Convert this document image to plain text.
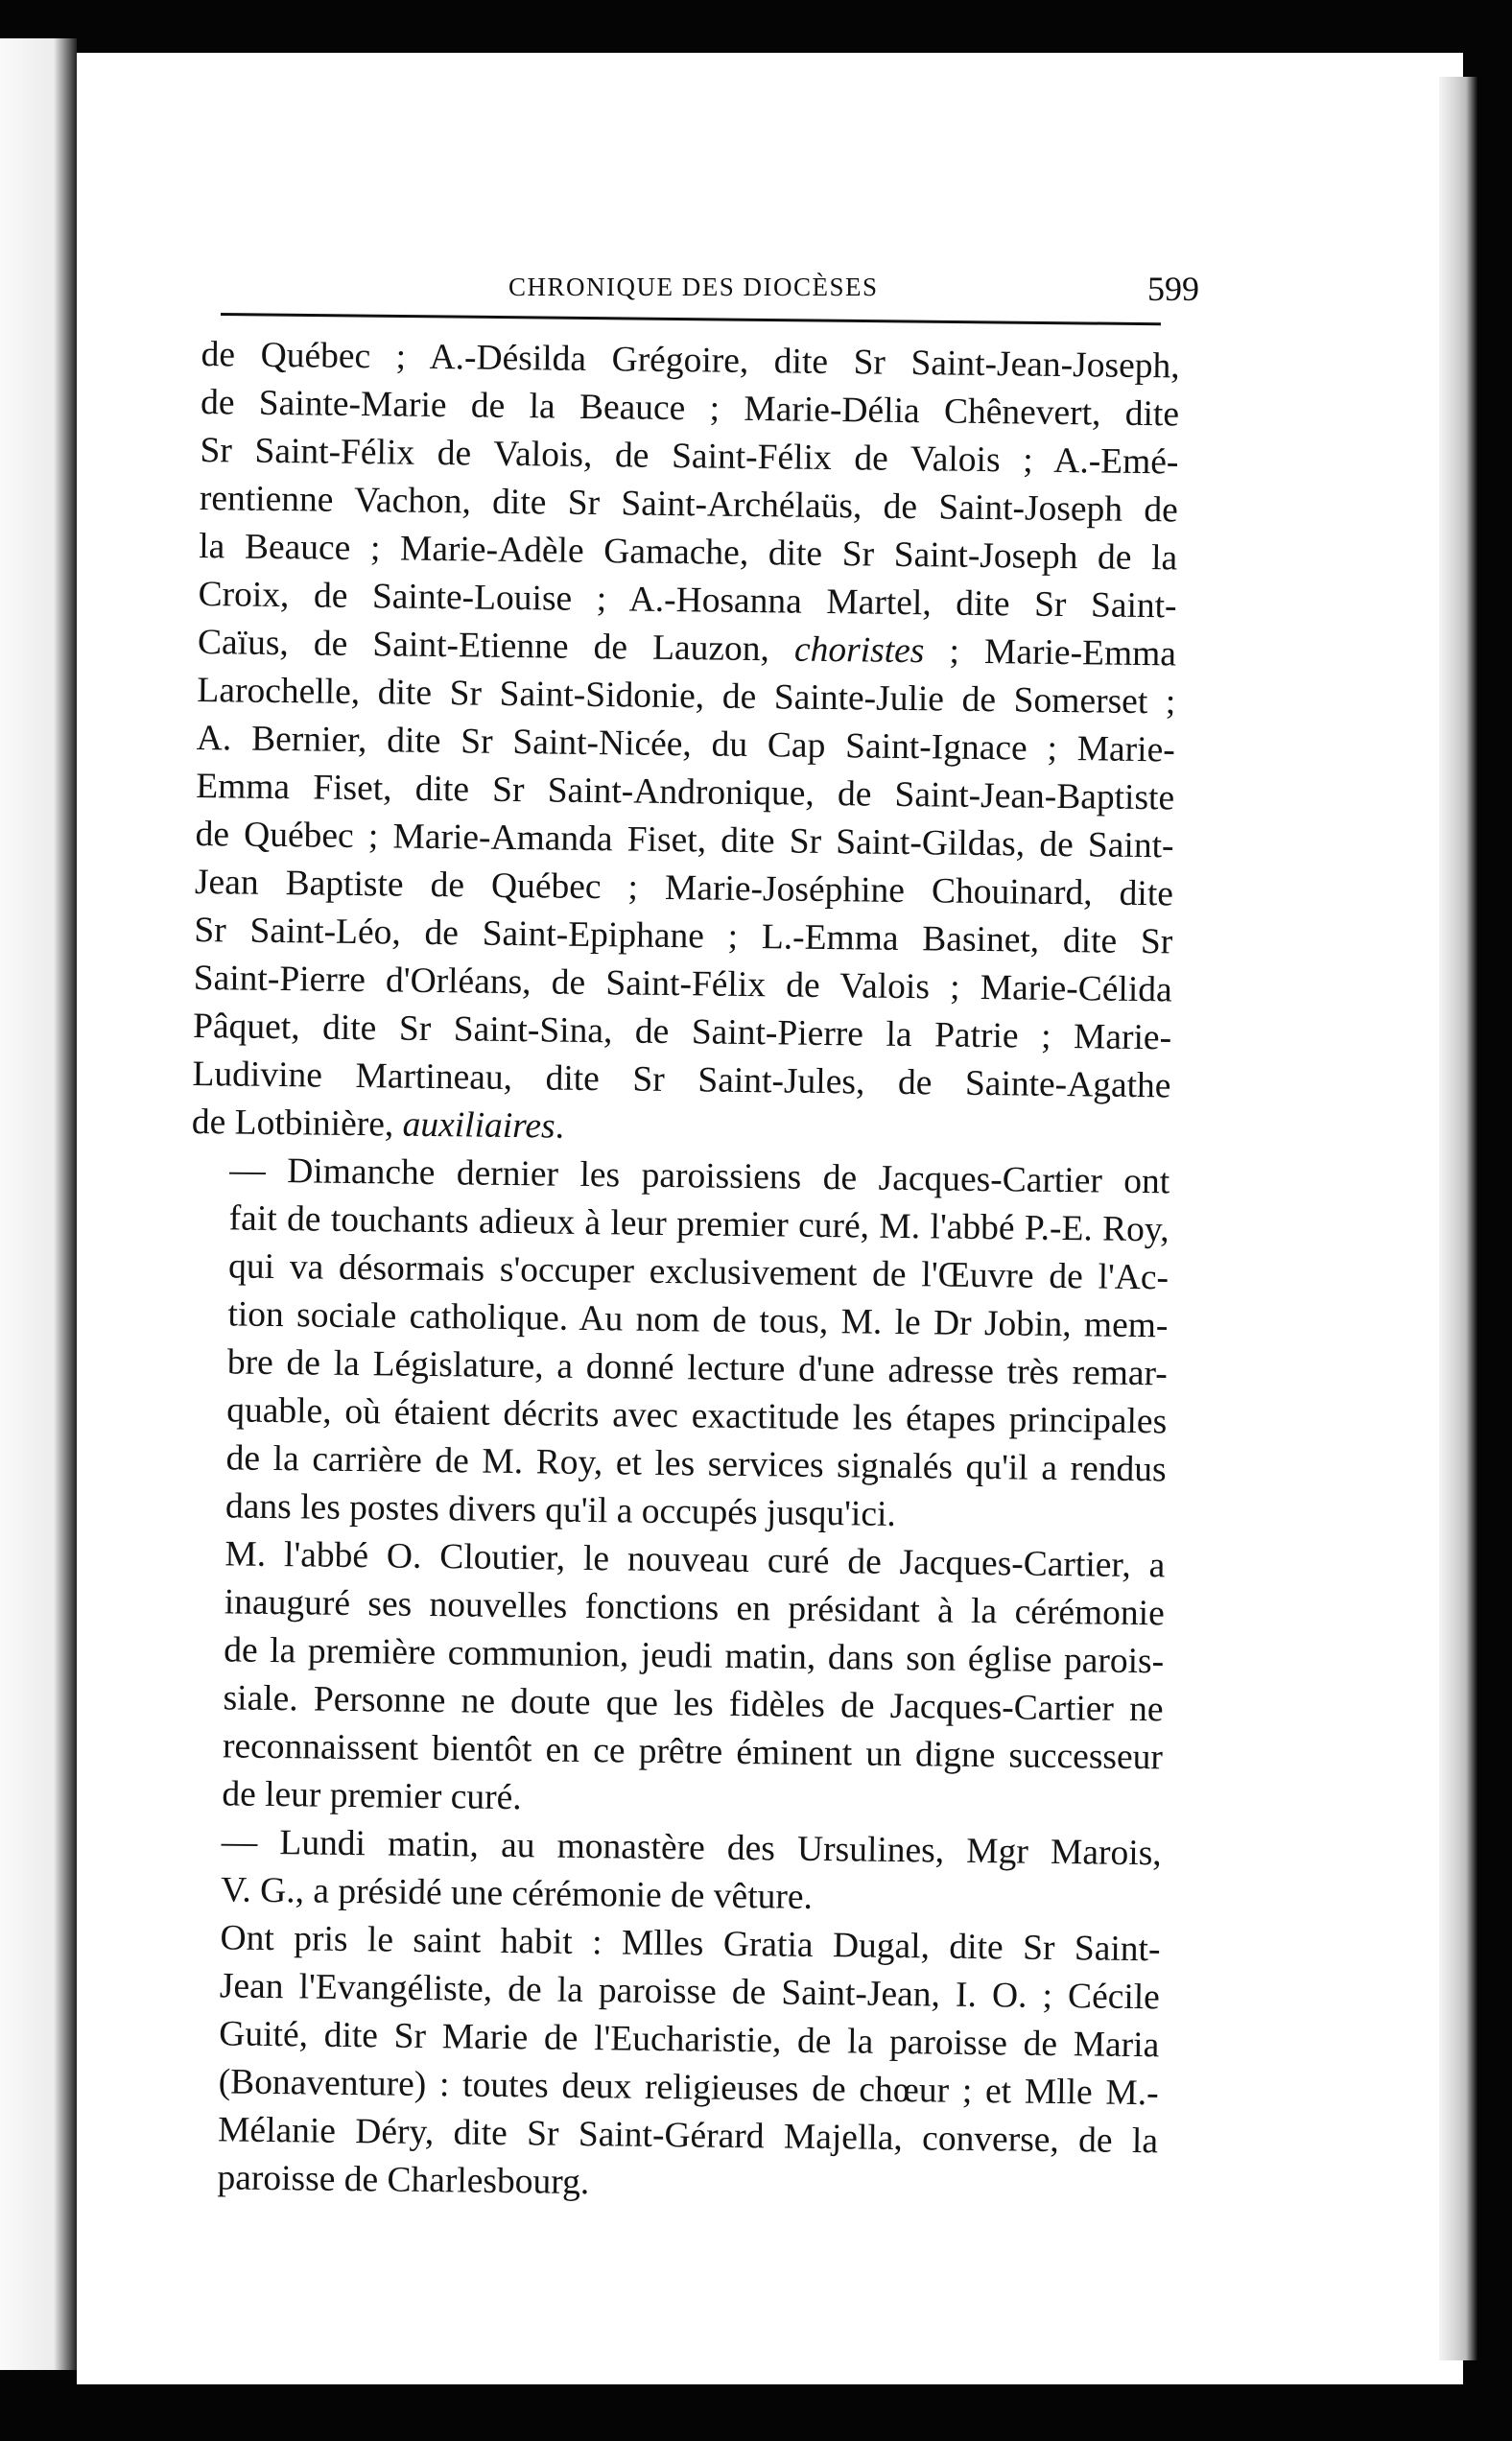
CHRONIQUE DES DIOCÈSES	599

de Québec ; A.-Désilda Grégoire, dite Sr Saint-Jean-Joseph,
de Sainte-Marie de la Beauce ; Marie-Délia Chênevert, dite
Sr Saint-Félix de Valois, de Saint-Félix de Valois ; A.-Emé-
rentienne Vachon, dite Sr Saint-Archélaüs, de Saint-Joseph de
la Beauce ; Marie-Adèle Gamache, dite Sr Saint-Joseph de la
Croix, de Sainte-Louise ; A.-Hosanna Martel, dite Sr Saint-
Caïus, de Saint-Etienne de Lauzon, choristes ; Marie-Emma
Larochelle, dite Sr Saint-Sidonie, de Sainte-Julie de Somerset ;
A. Bernier, dite Sr Saint-Nicée, du Cap Saint-Ignace ; Marie-
Emma Fiset, dite Sr Saint-Andronique, de Saint-Jean-Baptiste
de Québec ; Marie-Amanda Fiset, dite Sr Saint-Gildas, de Saint-
Jean Baptiste de Québec ; Marie-Joséphine Chouinard, dite
Sr Saint-Léo, de Saint-Epiphane ; L.-Emma Basinet, dite Sr
Saint-Pierre d'Orléans, de Saint-Félix de Valois ; Marie-Célida
Pâquet, dite Sr Saint-Sina, de Saint-Pierre la Patrie ; Marie-
Ludivine Martineau, dite Sr Saint-Jules, de Sainte-Agathe
de Lotbinière, auxiliaires.

— Dimanche dernier les paroissiens de Jacques-Cartier ont
fait de touchants adieux à leur premier curé, M. l'abbé P.-E. Roy,
qui va désormais s'occuper exclusivement de l'Œuvre de l'Ac-
tion sociale catholique. Au nom de tous, M. le Dr Jobin, mem-
bre de la Législature, a donné lecture d'une adresse très remar-
quable, où étaient décrits avec exactitude les étapes principales
de la carrière de M. Roy, et les services signalés qu'il a rendus
dans les postes divers qu'il a occupés jusqu'ici.

M. l'abbé O. Cloutier, le nouveau curé de Jacques-Cartier, a
inauguré ses nouvelles fonctions en présidant à la cérémonie
de la première communion, jeudi matin, dans son église parois-
siale. Personne ne doute que les fidèles de Jacques-Cartier ne
reconnaissent bientôt en ce prêtre éminent un digne successeur
de leur premier curé.

— Lundi matin, au monastère des Ursulines, Mgr Marois,
V. G., a présidé une cérémonie de vêture.

Ont pris le saint habit : Mlles Gratia Dugal, dite Sr Saint-
Jean l'Evangéliste, de la paroisse de Saint-Jean, I. O. ; Cécile
Guité, dite Sr Marie de l'Eucharistie, de la paroisse de Maria
(Bonaventure) : toutes deux religieuses de chœur ; et Mlle M.-
Mélanie Déry, dite Sr Saint-Gérard Majella, converse, de la
paroisse de Charlesbourg.
